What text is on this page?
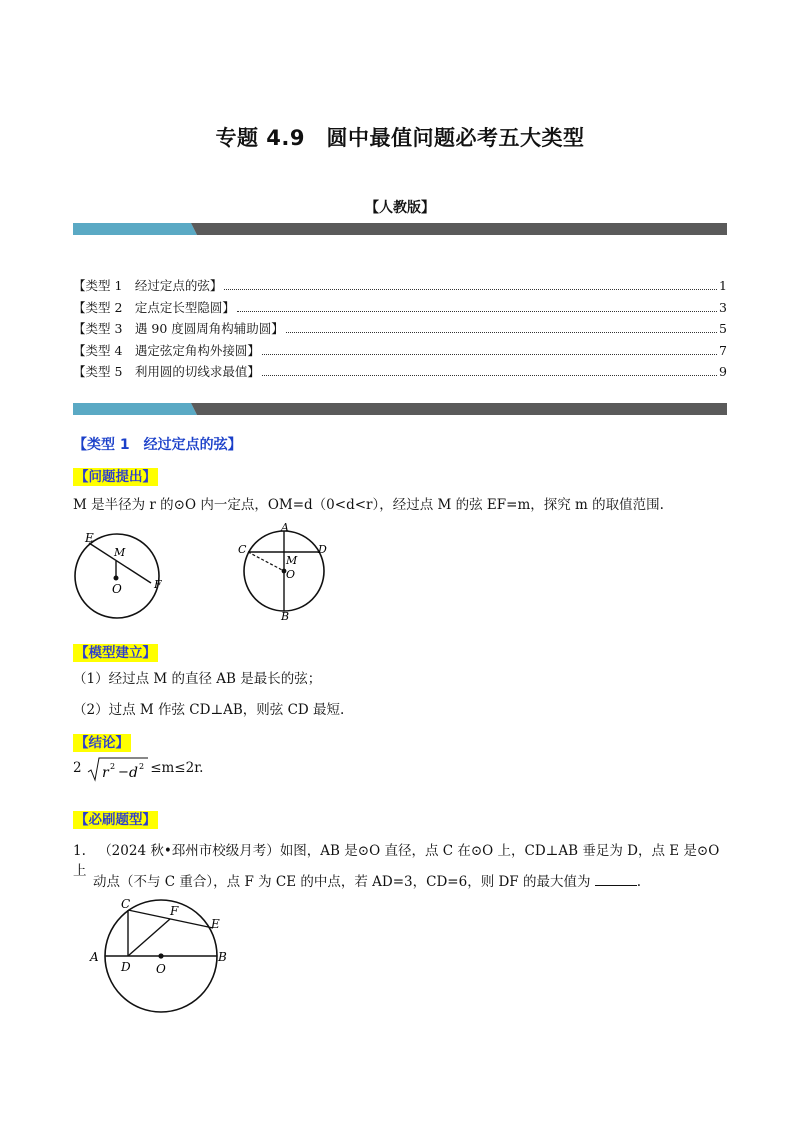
专题 4.9　圆中最值问题必考五大类型
【人教版】
【类型 1　经过定点的弦】	1
【类型 2　定点定长型隐圆】	3
【类型 3　遇 90 度圆周角构辅助圆】	5
【类型 4　遇定弦定角构外接圆】	7
【类型 5　利用圆的切线求最值】	9
【类型 1　经过定点的弦】
【问题提出】
M 是半径为 r 的⊙O 内一定点，OM=d（0<d<r），经过点 M 的弦 EF=m，探究 m 的取值范围.
E
M
O	F
A
C
M
D
O
B
【模型建立】
（1）经过点 M 的直径 AB 是最长的弦；
（2）过点 M 作弦 CD⊥AB，则弦 CD 最短.
【结论】
2 r 2 − d 2 ≤m≤2r.
【必刷题型】
1. （2024 秋•邳州市校级月考）如图，AB 是⊙O 直径，点 C 在⊙O 上，CD⊥AB 垂足为 D，点 E 是⊙O 上
动点（不与 C 重合），点 F 为 CE 的中点，若 AD=3，CD=6，则 DF 的最大值为	.
C	F
E
A
D O
B
